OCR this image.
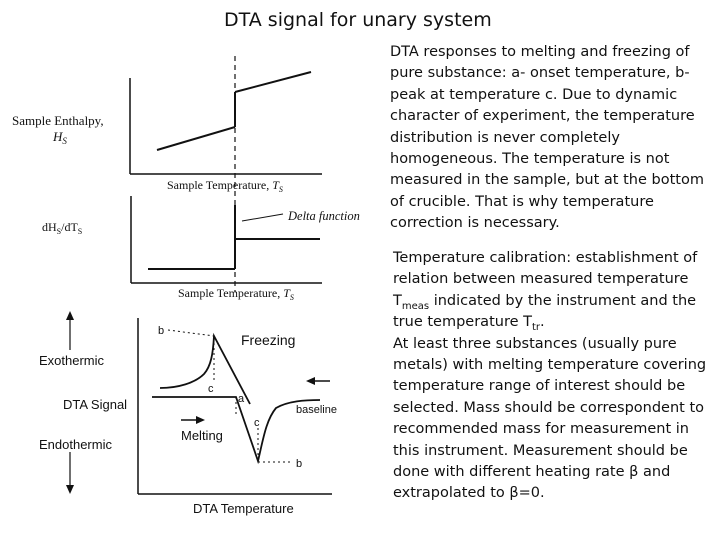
DTA signal for unary system

DTA responses to melting and freezing of pure substance: a- onset temperature, b-peak at temperature c. Due to dynamic character of experiment, the temperature distribution is never completely homogeneous. The temperature is not measured in the sample, but at the bottom of crucible. That is why temperature correction is necessary.

Temperature calibration: establishment of relation between measured temperature $T_{meas}$ indicated by the instrument and the true temperature $T_{tr}$.
At least three substances (usually pure metals) with melting temperature covering temperature range of interest should be selected. Mass should be correspondent to recommended mass for measurement in this instrument. Measurement should be done with different heating rate β and extrapolated to β=0.

Sample Enthalpy,
$H_S$
Sample Temperature, $T_S$
Delta function
$dH_S/dT_S$
Sample Temperature, $T_S$
Exothermic
DTA Signal
Endothermic
Freezing
Melting
baseline
b
c
a
c
b
DTA Temperature
